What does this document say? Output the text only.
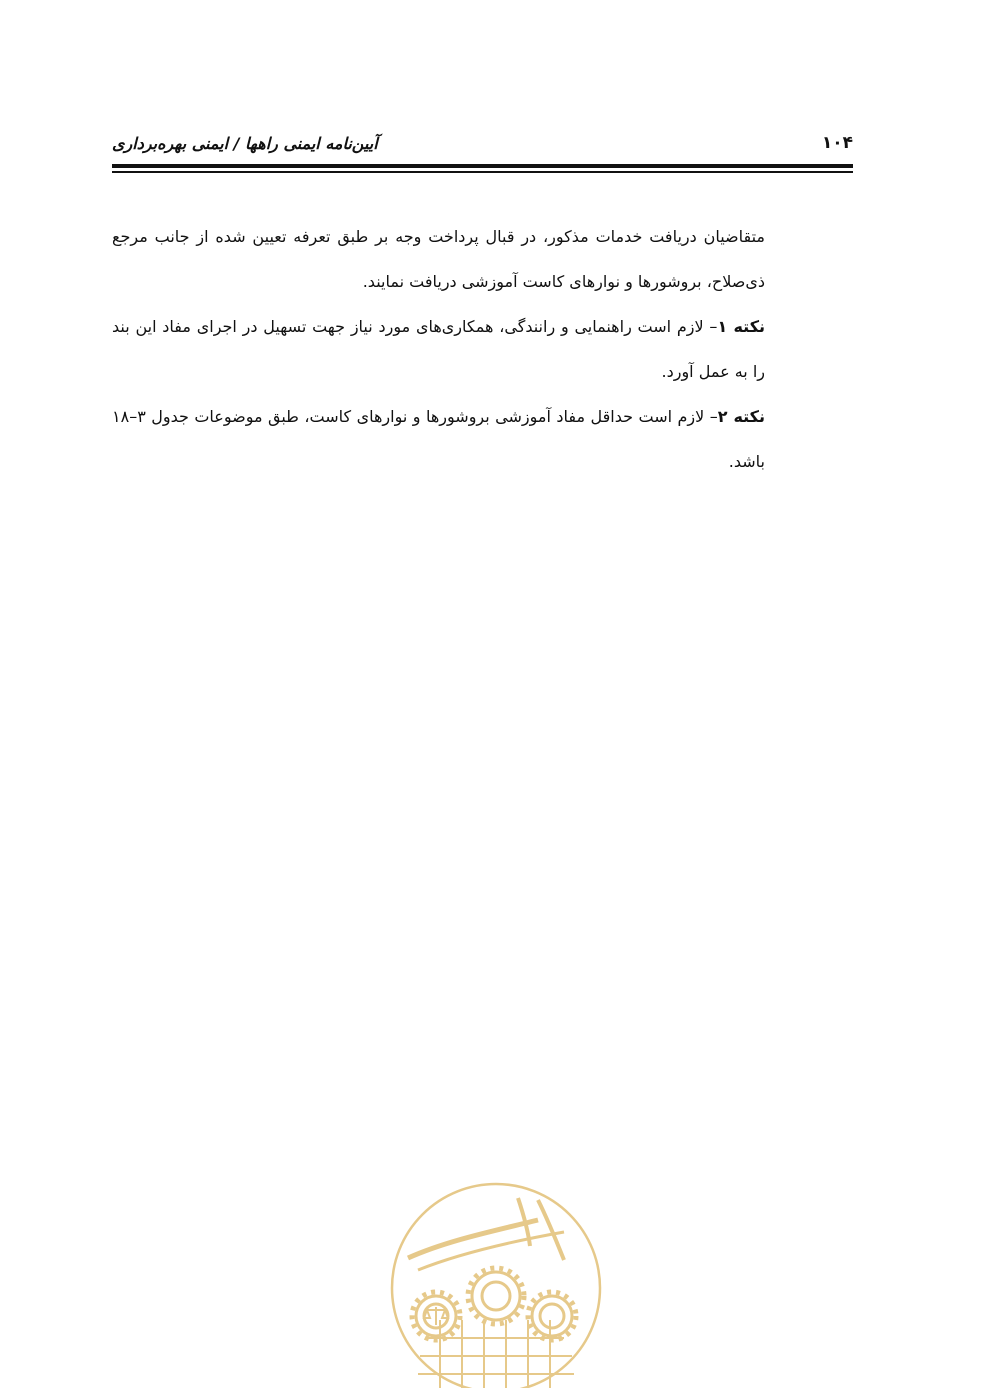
۱۰۴
آیین‌نامه ایمنی راهها / ایمنی بهره‌برداری

متقاضیان دریافت خدمات مذکور، در قبال پرداخت وجه بر طبق تعرفه تعیین شده از جانب مرجع ذی‌صلاح، بروشورها و نوارهای کاست آموزشی دریافت نمایند.

نکته ۱– لازم است راهنمایی و رانندگی، همکاری‌های مورد نیاز جهت تسهیل در اجرای مفاد این بند را به عمل آورد.

نکته ۲– لازم است حداقل مفاد آموزشی بروشورها و نوارهای کاست، طبق موضوعات جدول ۳–۱۸ باشد.
